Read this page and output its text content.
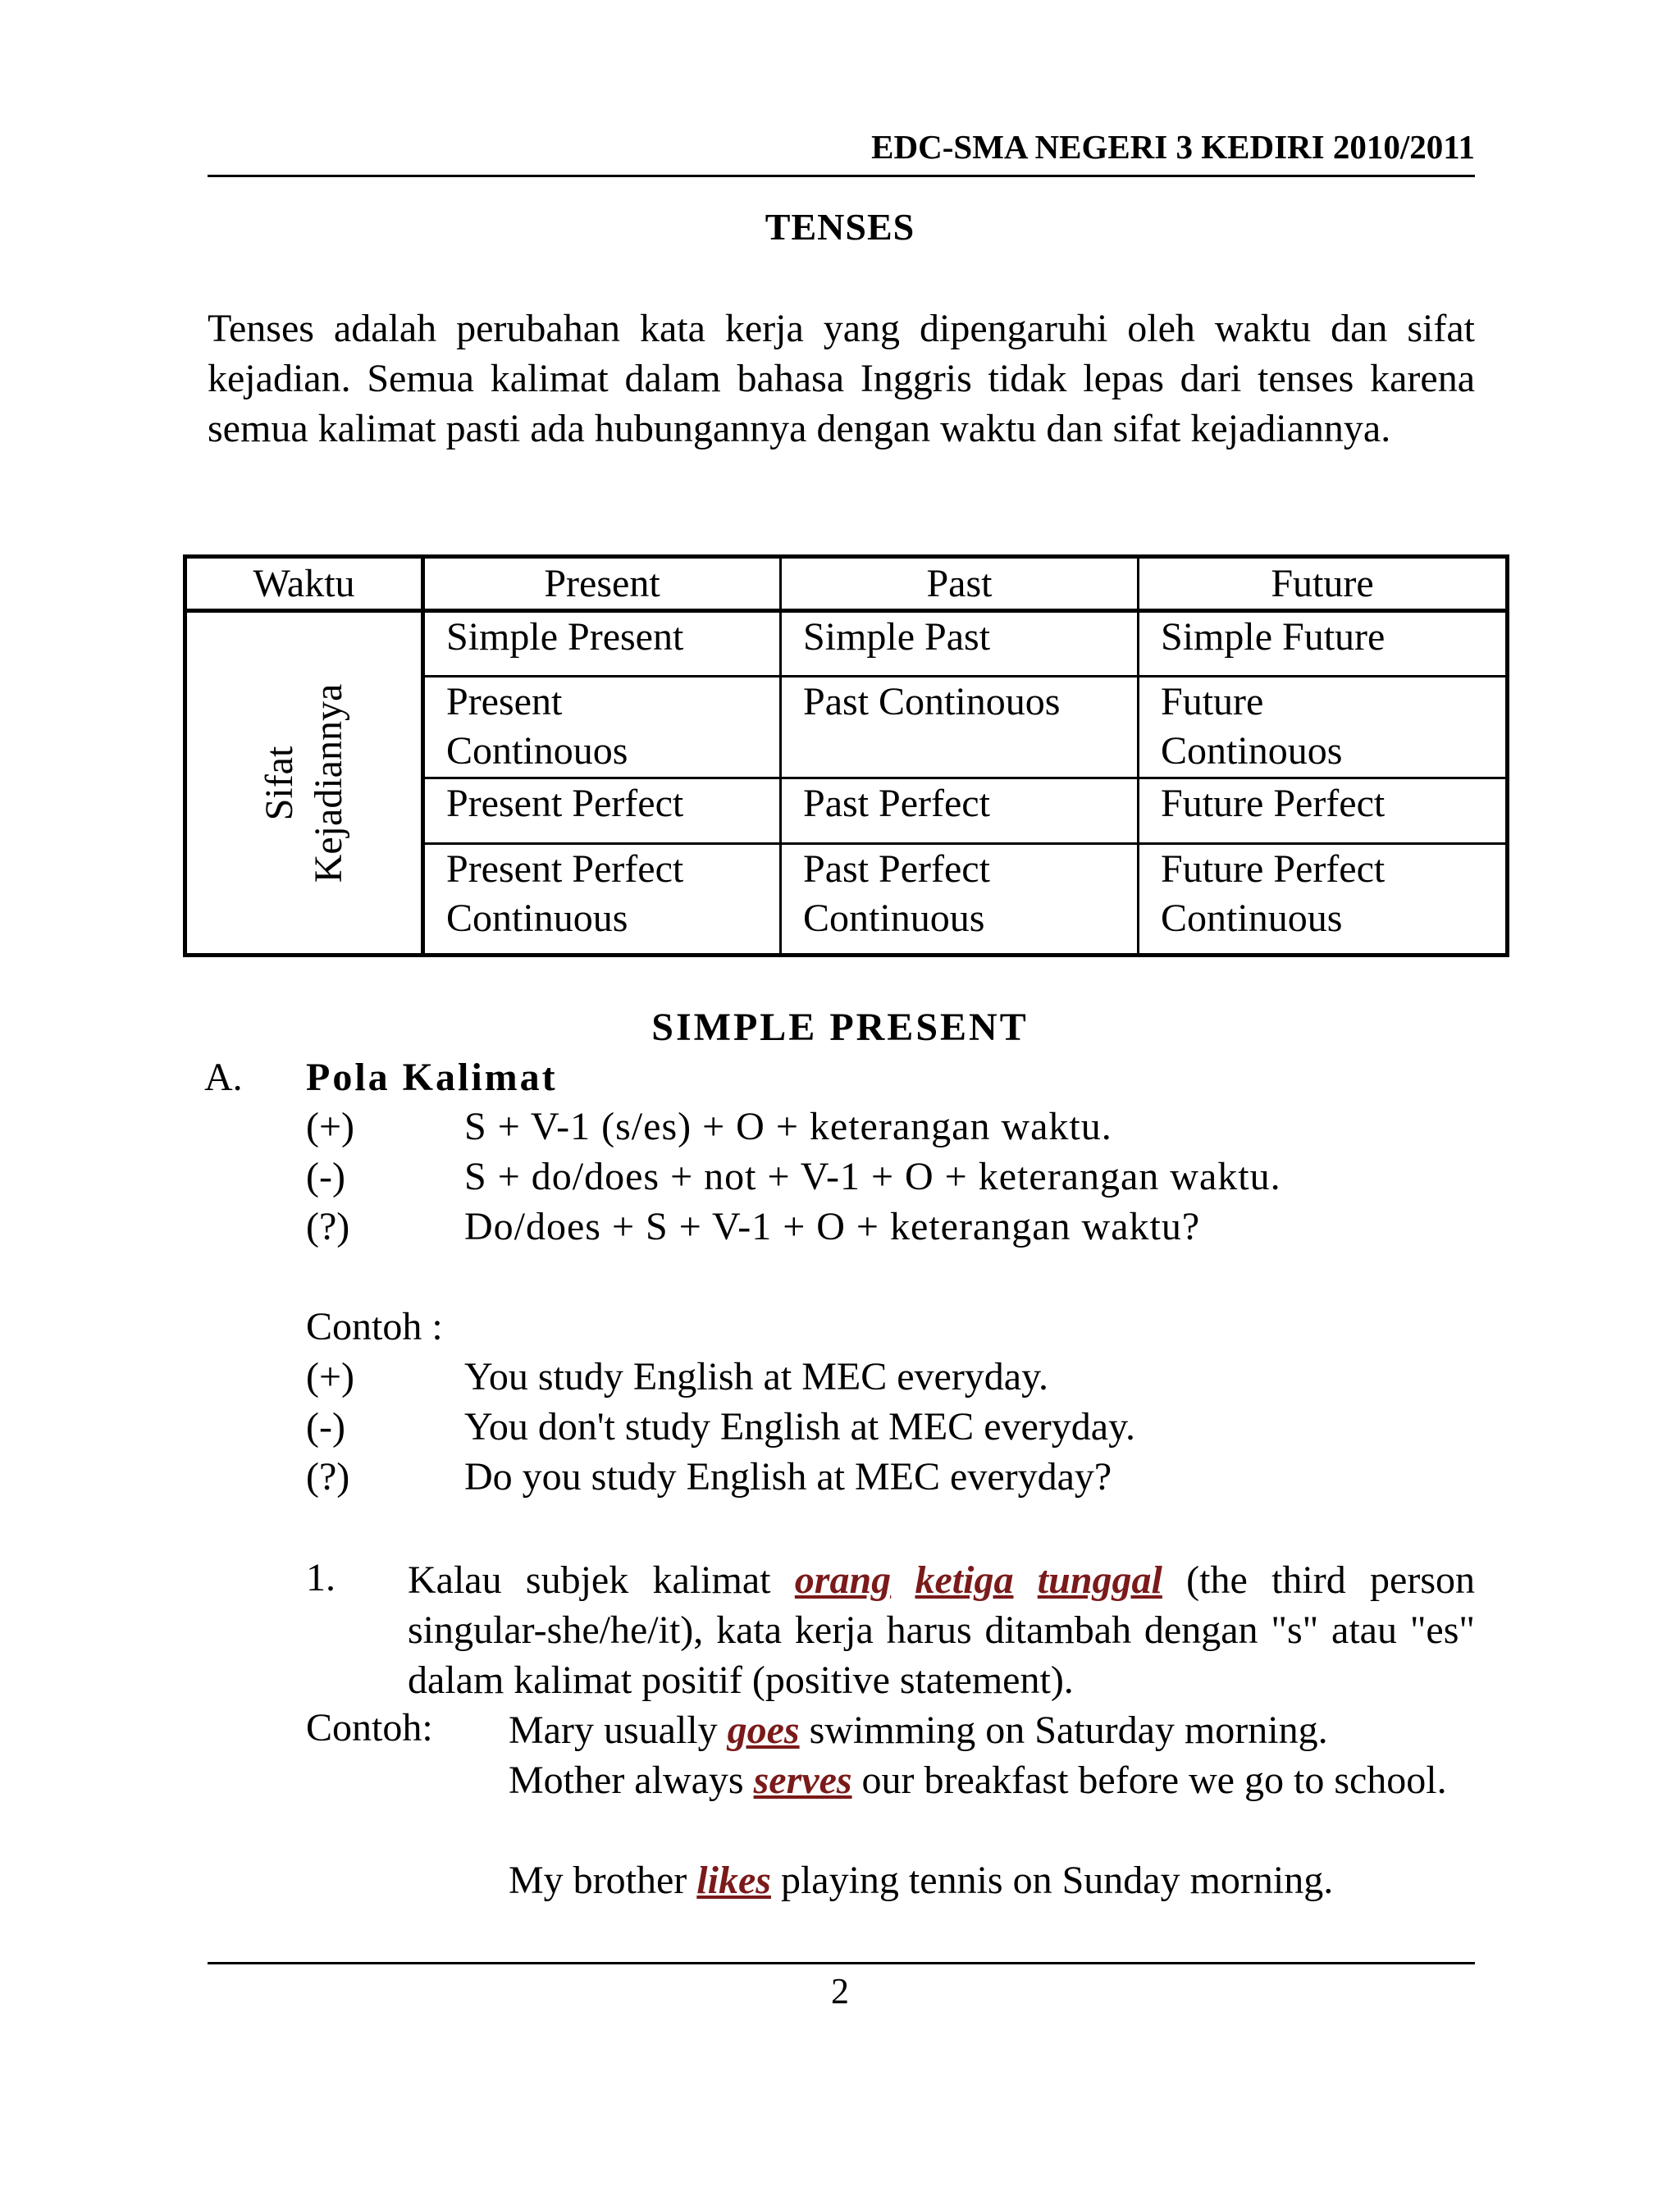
EDC-SMA NEGERI 3 KEDIRI 2010/2011
TENSES

Tenses adalah perubahan kata kerja yang dipengaruhi oleh waktu dan sifat kejadian. Semua kalimat dalam bahasa Inggris tidak lepas dari tenses karena semua kalimat pasti ada hubungannya dengan waktu dan sifat kejadiannya.

Waktu	Present	Past	Future

Sifat Kejadiannya	Simple Present	Simple Past	Simple Future
	Present Continouos	Past Continouos	Future Continouos
	Present Perfect	Past Perfect	Future Perfect
	Present Perfect Continuous	Past Perfect Continuous	Future Perfect Continuous
SIMPLE PRESENT
A. Pola Kalimat
(+)	S + V-1 (s/es) + O + keterangan waktu.
(-)	S + do/does + not + V-1 + O + keterangan waktu.
(?)	Do/does + S + V-1 + O + keterangan waktu?
Contoh :
(+)	You study English at MEC everyday.
(-)	You don't study English at MEC everyday.
(?)	Do you study English at MEC everyday?
1. Kalau subjek kalimat orang ketiga tunggal (the third person singular-she/he/it), kata kerja harus ditambah dengan "s" atau "es" dalam kalimat positif (positive statement).

Contoh: Mary usually goes swimming on Saturday morning.
Mother always serves our breakfast before we go to school.
My brother likes playing tennis on Sunday morning.
2
